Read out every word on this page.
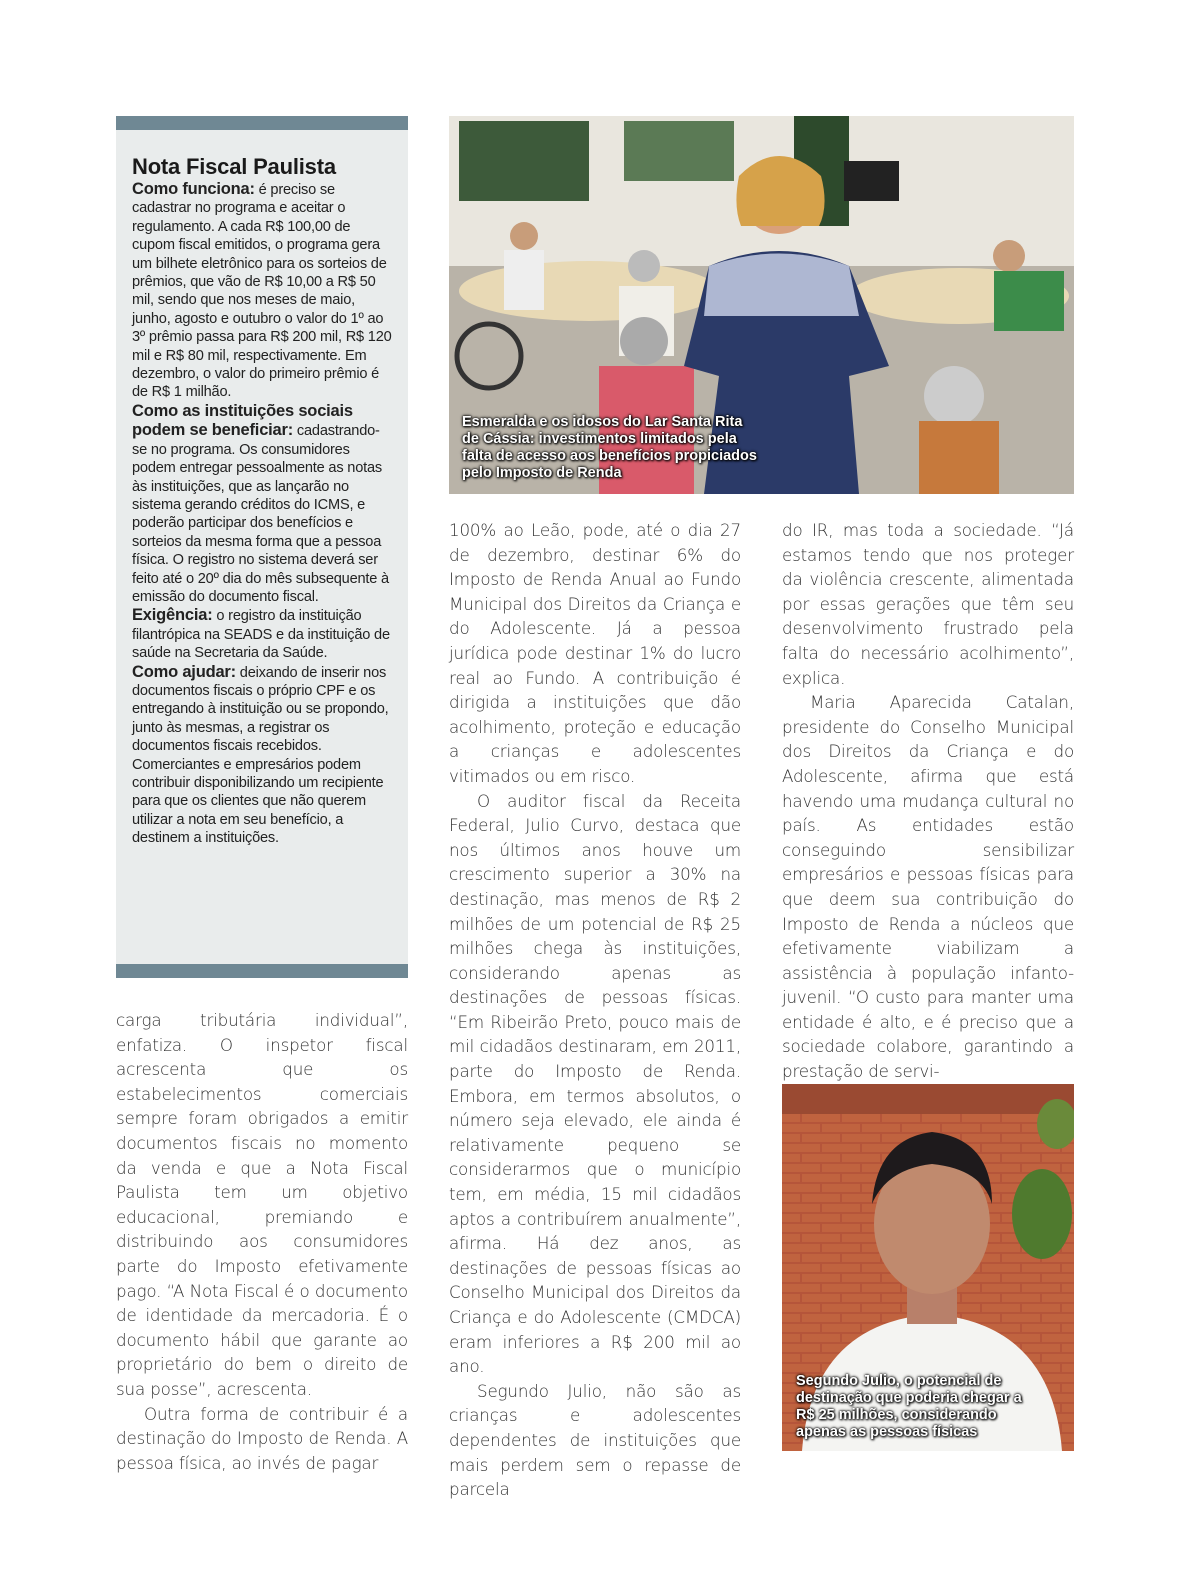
Nota Fiscal Paulista

Como funciona: é preciso se cadastrar no programa e aceitar o regulamento. A cada R$ 100,00 de cupom fiscal emitidos, o programa gera um bilhete eletrônico para os sorteios de prêmios, que vão de R$ 10,00 a R$ 50 mil, sendo que nos meses de maio, junho, agosto e outubro o valor do 1º ao 3º prêmio passa para R$ 200 mil, R$ 120 mil e R$ 80 mil, respectivamente. Em dezembro, o valor do primeiro prêmio é de R$ 1 milhão.

Como as instituições sociais podem se beneficiar: cadastrando-se no programa. Os consumidores podem entregar pessoalmente as notas às instituições, que as lançarão no sistema gerando créditos do ICMS, e poderão participar dos benefícios e sorteios da mesma forma que a pessoa física. O registro no sistema deverá ser feito até o 20º dia do mês subsequente à emissão do documento fiscal.

Exigência: o registro da instituição filantrópica na SEADS e da instituição de saúde na Secretaria da Saúde.

Como ajudar: deixando de inserir nos documentos fiscais o próprio CPF e os entregando à instituição ou se propondo, junto às mesmas, a registrar os documentos fiscais recebidos. Comerciantes e empresários podem contribuir disponibilizando um recipiente para que os clientes que não querem utilizar a nota em seu benefício, a destinem a instituições.

Esmeralda e os idosos do Lar Santa Rita de Cássia: investimentos limitados pela falta de acesso aos benefícios propiciados pelo Imposto de Renda

carga tributária individual”, enfatiza. O inspetor fiscal acrescenta que os estabelecimentos comerciais sempre foram obrigados a emitir documentos fiscais no momento da venda e que a Nota Fiscal Paulista tem um objetivo educacional, premiando e distribuindo aos consumidores parte do Imposto efetivamente pago. “A Nota Fiscal é o documento de identidade da mercadoria. É o documento hábil que garante ao proprietário do bem o direito de sua posse”, acrescenta.

Outra forma de contribuir é a destinação do Imposto de Renda. A pessoa física, ao invés de pagar

100% ao Leão, pode, até o dia 27 de dezembro, destinar 6% do Imposto de Renda Anual ao Fundo Municipal dos Direitos da Criança e do Adolescente. Já a pessoa jurídica pode destinar 1% do lucro real ao Fundo. A contribuição é dirigida a instituições que dão acolhimento, proteção e educação a crianças e adolescentes vitimados ou em risco.

O auditor fiscal da Receita Federal, Julio Curvo, destaca que nos últimos anos houve um crescimento superior a 30% na destinação, mas menos de R$ 2 milhões de um potencial de R$ 25 milhões chega às instituições, considerando apenas as destinações de pessoas físicas. “Em Ribeirão Preto, pouco mais de mil cidadãos destinaram, em 2011, parte do Imposto de Renda. Embora, em termos absolutos, o número seja elevado, ele ainda é relativamente pequeno se considerarmos que o município tem, em média, 15 mil cidadãos aptos a contribuírem anualmente”, afirma. Há dez anos, as destinações de pessoas físicas ao Conselho Municipal dos Direitos da Criança e do Adolescente (CMDCA) eram inferiores a R$ 200 mil ao ano.

Segundo Julio, não são as crianças e adolescentes dependentes de instituições que mais perdem sem o repasse de parcela

do IR, mas toda a sociedade. “Já estamos tendo que nos proteger da violência crescente, alimentada por essas gerações que têm seu desenvolvimento frustrado pela falta do necessário acolhimento”, explica.

Maria Aparecida Catalan, presidente do Conselho Municipal dos Direitos da Criança e do Adolescente, afirma que está havendo uma mudança cultural no país. As entidades estão conseguindo sensibilizar empresários e pessoas físicas para que deem sua contribuição do Imposto de Renda a núcleos que efetivamente viabilizam a assistência à população infanto-juvenil. “O custo para manter uma entidade é alto, e é preciso que a sociedade colabore, garantindo a prestação de servi-

Segundo Julio, o potencial de destinação que poderia chegar a R$ 25 milhões, considerando apenas as pessoas físicas
